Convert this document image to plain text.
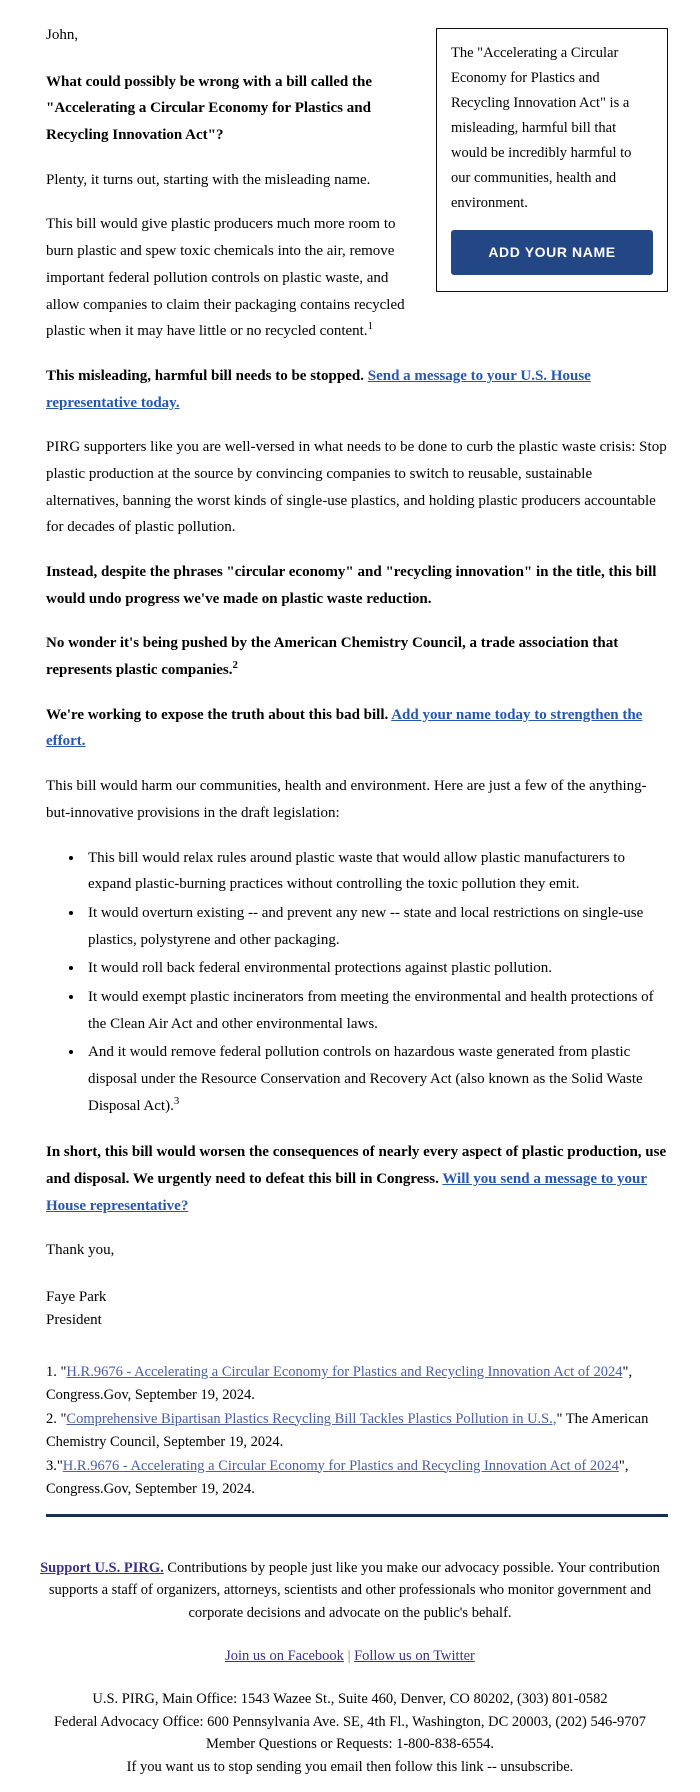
The "Accelerating a Circular Economy for Plastics and Recycling Innovation Act" is a misleading, harmful bill that would be incredibly harmful to our communities, health and environment.

ADD YOUR NAME

John,

What could possibly be wrong with a bill called the "Accelerating a Circular Economy for Plastics and Recycling Innovation Act"?

Plenty, it turns out, starting with the misleading name.

This bill would give plastic producers much more room to burn plastic and spew toxic chemicals into the air, remove important federal pollution controls on plastic waste, and allow companies to claim their packaging contains recycled plastic when it may have little or no recycled content.$^1$

This misleading, harmful bill needs to be stopped. Send a message to your U.S. House representative today.

PIRG supporters like you are well-versed in what needs to be done to curb the plastic waste crisis: Stop plastic production at the source by convincing companies to switch to reusable, sustainable alternatives, banning the worst kinds of single-use plastics, and holding plastic producers accountable for decades of plastic pollution.

Instead, despite the phrases "circular economy" and "recycling innovation" in the title, this bill would undo progress we've made on plastic waste reduction.

No wonder it's being pushed by the American Chemistry Council, a trade association that represents plastic companies.$^2$

We're working to expose the truth about this bad bill. Add your name today to strengthen the effort.

This bill would harm our communities, health and environment. Here are just a few of the anything-but-innovative provisions in the draft legislation:

• This bill would relax rules around plastic waste that would allow plastic manufacturers to expand plastic-burning practices without controlling the toxic pollution they emit.
• It would overturn existing -- and prevent any new -- state and local restrictions on single-use plastics, polystyrene and other packaging.
• It would roll back federal environmental protections against plastic pollution.
• It would exempt plastic incinerators from meeting the environmental and health protections of the Clean Air Act and other environmental laws.
• And it would remove federal pollution controls on hazardous waste generated from plastic disposal under the Resource Conservation and Recovery Act (also known as the Solid Waste Disposal Act).$^3$

In short, this bill would worsen the consequences of nearly every aspect of plastic production, use and disposal. We urgently need to defeat this bill in Congress. Will you send a message to your House representative?

Thank you,

Faye Park

President

1. "H.R.9676 - Accelerating a Circular Economy for Plastics and Recycling Innovation Act of 2024", Congress.Gov, September 19, 2024.
2. "Comprehensive Bipartisan Plastics Recycling Bill Tackles Plastics Pollution in U.S.," The American Chemistry Council, September 19, 2024.
3."H.R.9676 - Accelerating a Circular Economy for Plastics and Recycling Innovation Act of 2024", Congress.Gov, September 19, 2024.

Support U.S. PIRG. Contributions by people just like you make our advocacy possible. Your contribution supports a staff of organizers, attorneys, scientists and other professionals who monitor government and corporate decisions and advocate on the public's behalf.

Join us on Facebook | Follow us on Twitter

U.S. PIRG, Main Office: 1543 Wazee St., Suite 460, Denver, CO 80202, (303) 801-0582

Federal Advocacy Office: 600 Pennsylvania Ave. SE, 4th Fl., Washington, DC 20003, (202) 546-9707

Member Questions or Requests: 1-800-838-6554.

If you want us to stop sending you email then follow this link -- unsubscribe.
